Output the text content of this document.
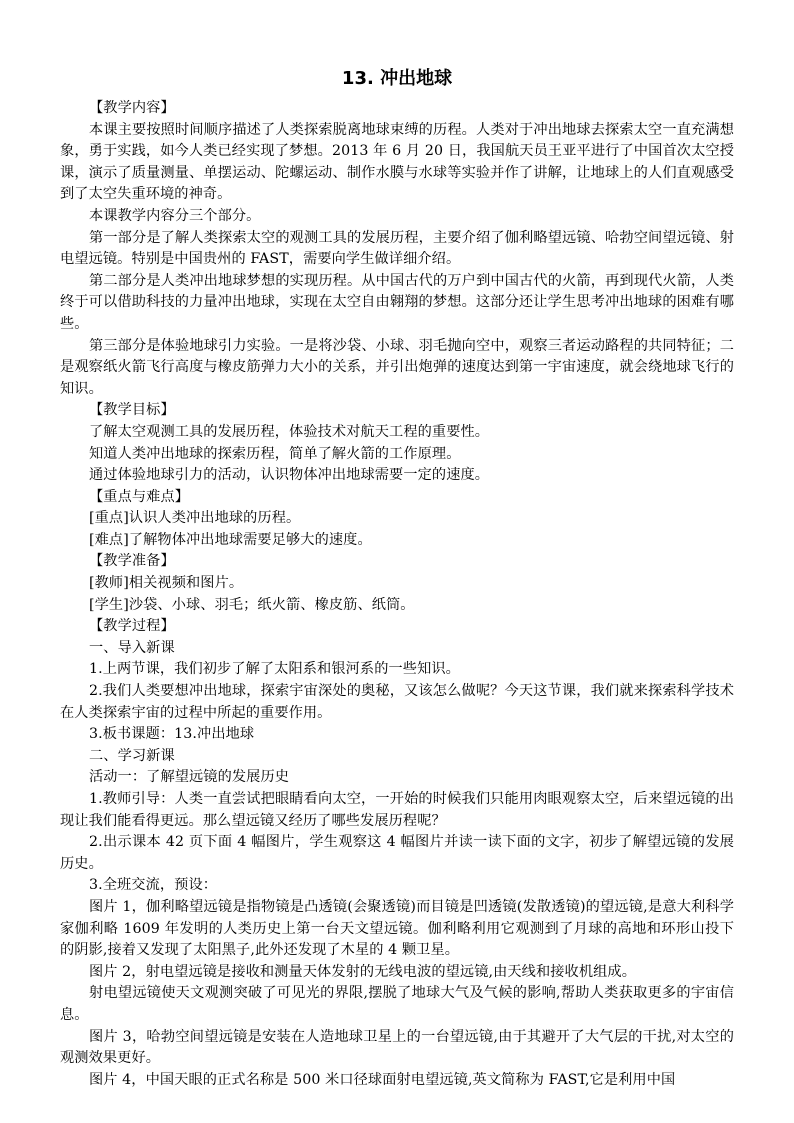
13. 冲出地球

【教学内容】

本课主要按照时间顺序描述了人类探索脱离地球束缚的历程。人类对于冲出地球去探索太空一直充满想象，勇于实践，如今人类已经实现了梦想。2013 年 6 月 20 日，我国航天员王亚平进行了中国首次太空授课，演示了质量测量、单摆运动、陀螺运动、制作水膜与水球等实验并作了讲解，让地球上的人们直观感受到了太空失重环境的神奇。

本课教学内容分三个部分。

第一部分是了解人类探索太空的观测工具的发展历程，主要介绍了伽利略望远镜、哈勃空间望远镜、射电望远镜。特别是中国贵州的 FAST，需要向学生做详细介绍。

第二部分是人类冲出地球梦想的实现历程。从中国古代的万户到中国古代的火箭，再到现代火箭，人类终于可以借助科技的力量冲出地球，实现在太空自由翱翔的梦想。这部分还让学生思考冲出地球的困难有哪些。

第三部分是体验地球引力实验。一是将沙袋、小球、羽毛抛向空中，观察三者运动路程的共同特征；二是观察纸火箭飞行高度与橡皮筋弹力大小的关系，并引出炮弹的速度达到第一宇宙速度，就会绕地球飞行的知识。

【教学目标】

了解太空观测工具的发展历程，体验技术对航天工程的重要性。

知道人类冲出地球的探索历程，简单了解火箭的工作原理。

通过体验地球引力的活动，认识物体冲出地球需要一定的速度。

【重点与难点】

[重点]认识人类冲出地球的历程。

[难点]了解物体冲出地球需要足够大的速度。

【教学准备】

[教师]相关视频和图片。

[学生]沙袋、小球、羽毛；纸火箭、橡皮筋、纸筒。

【教学过程】

一、导入新课

1.上两节课，我们初步了解了太阳系和银河系的一些知识。

2.我们人类要想冲出地球，探索宇宙深处的奥秘，又该怎么做呢？今天这节课，我们就来探索科学技术在人类探索宇宙的过程中所起的重要作用。

3.板书课题：13.冲出地球

二、学习新课

活动一：了解望远镜的发展历史

1.教师引导：人类一直尝试把眼睛看向太空，一开始的时候我们只能用肉眼观察太空，后来望远镜的出现让我们能看得更远。那么望远镜又经历了哪些发展历程呢？

2.出示课本 42 页下面 4 幅图片，学生观察这 4 幅图片并读一读下面的文字，初步了解望远镜的发展历史。

3.全班交流，预设：

图片 1，伽利略望远镜是指物镜是凸透镜(会聚透镜)而目镜是凹透镜(发散透镜)的望远镜,是意大利科学家伽利略 1609 年发明的人类历史上第一台天文望远镜。伽利略利用它观测到了月球的高地和环形山投下的阴影,接着又发现了太阳黑子,此外还发现了木星的 4 颗卫星。

图片 2，射电望远镜是接收和测量天体发射的无线电波的望远镜,由天线和接收机组成。

射电望远镜使天文观测突破了可见光的界限,摆脱了地球大气及气候的影响,帮助人类获取更多的宇宙信息。

图片 3，哈勃空间望远镜是安装在人造地球卫星上的一台望远镜,由于其避开了大气层的干扰,对太空的观测效果更好。

图片 4，中国天眼的正式名称是 500 米口径球面射电望远镜,英文简称为 FAST,它是利用中国
